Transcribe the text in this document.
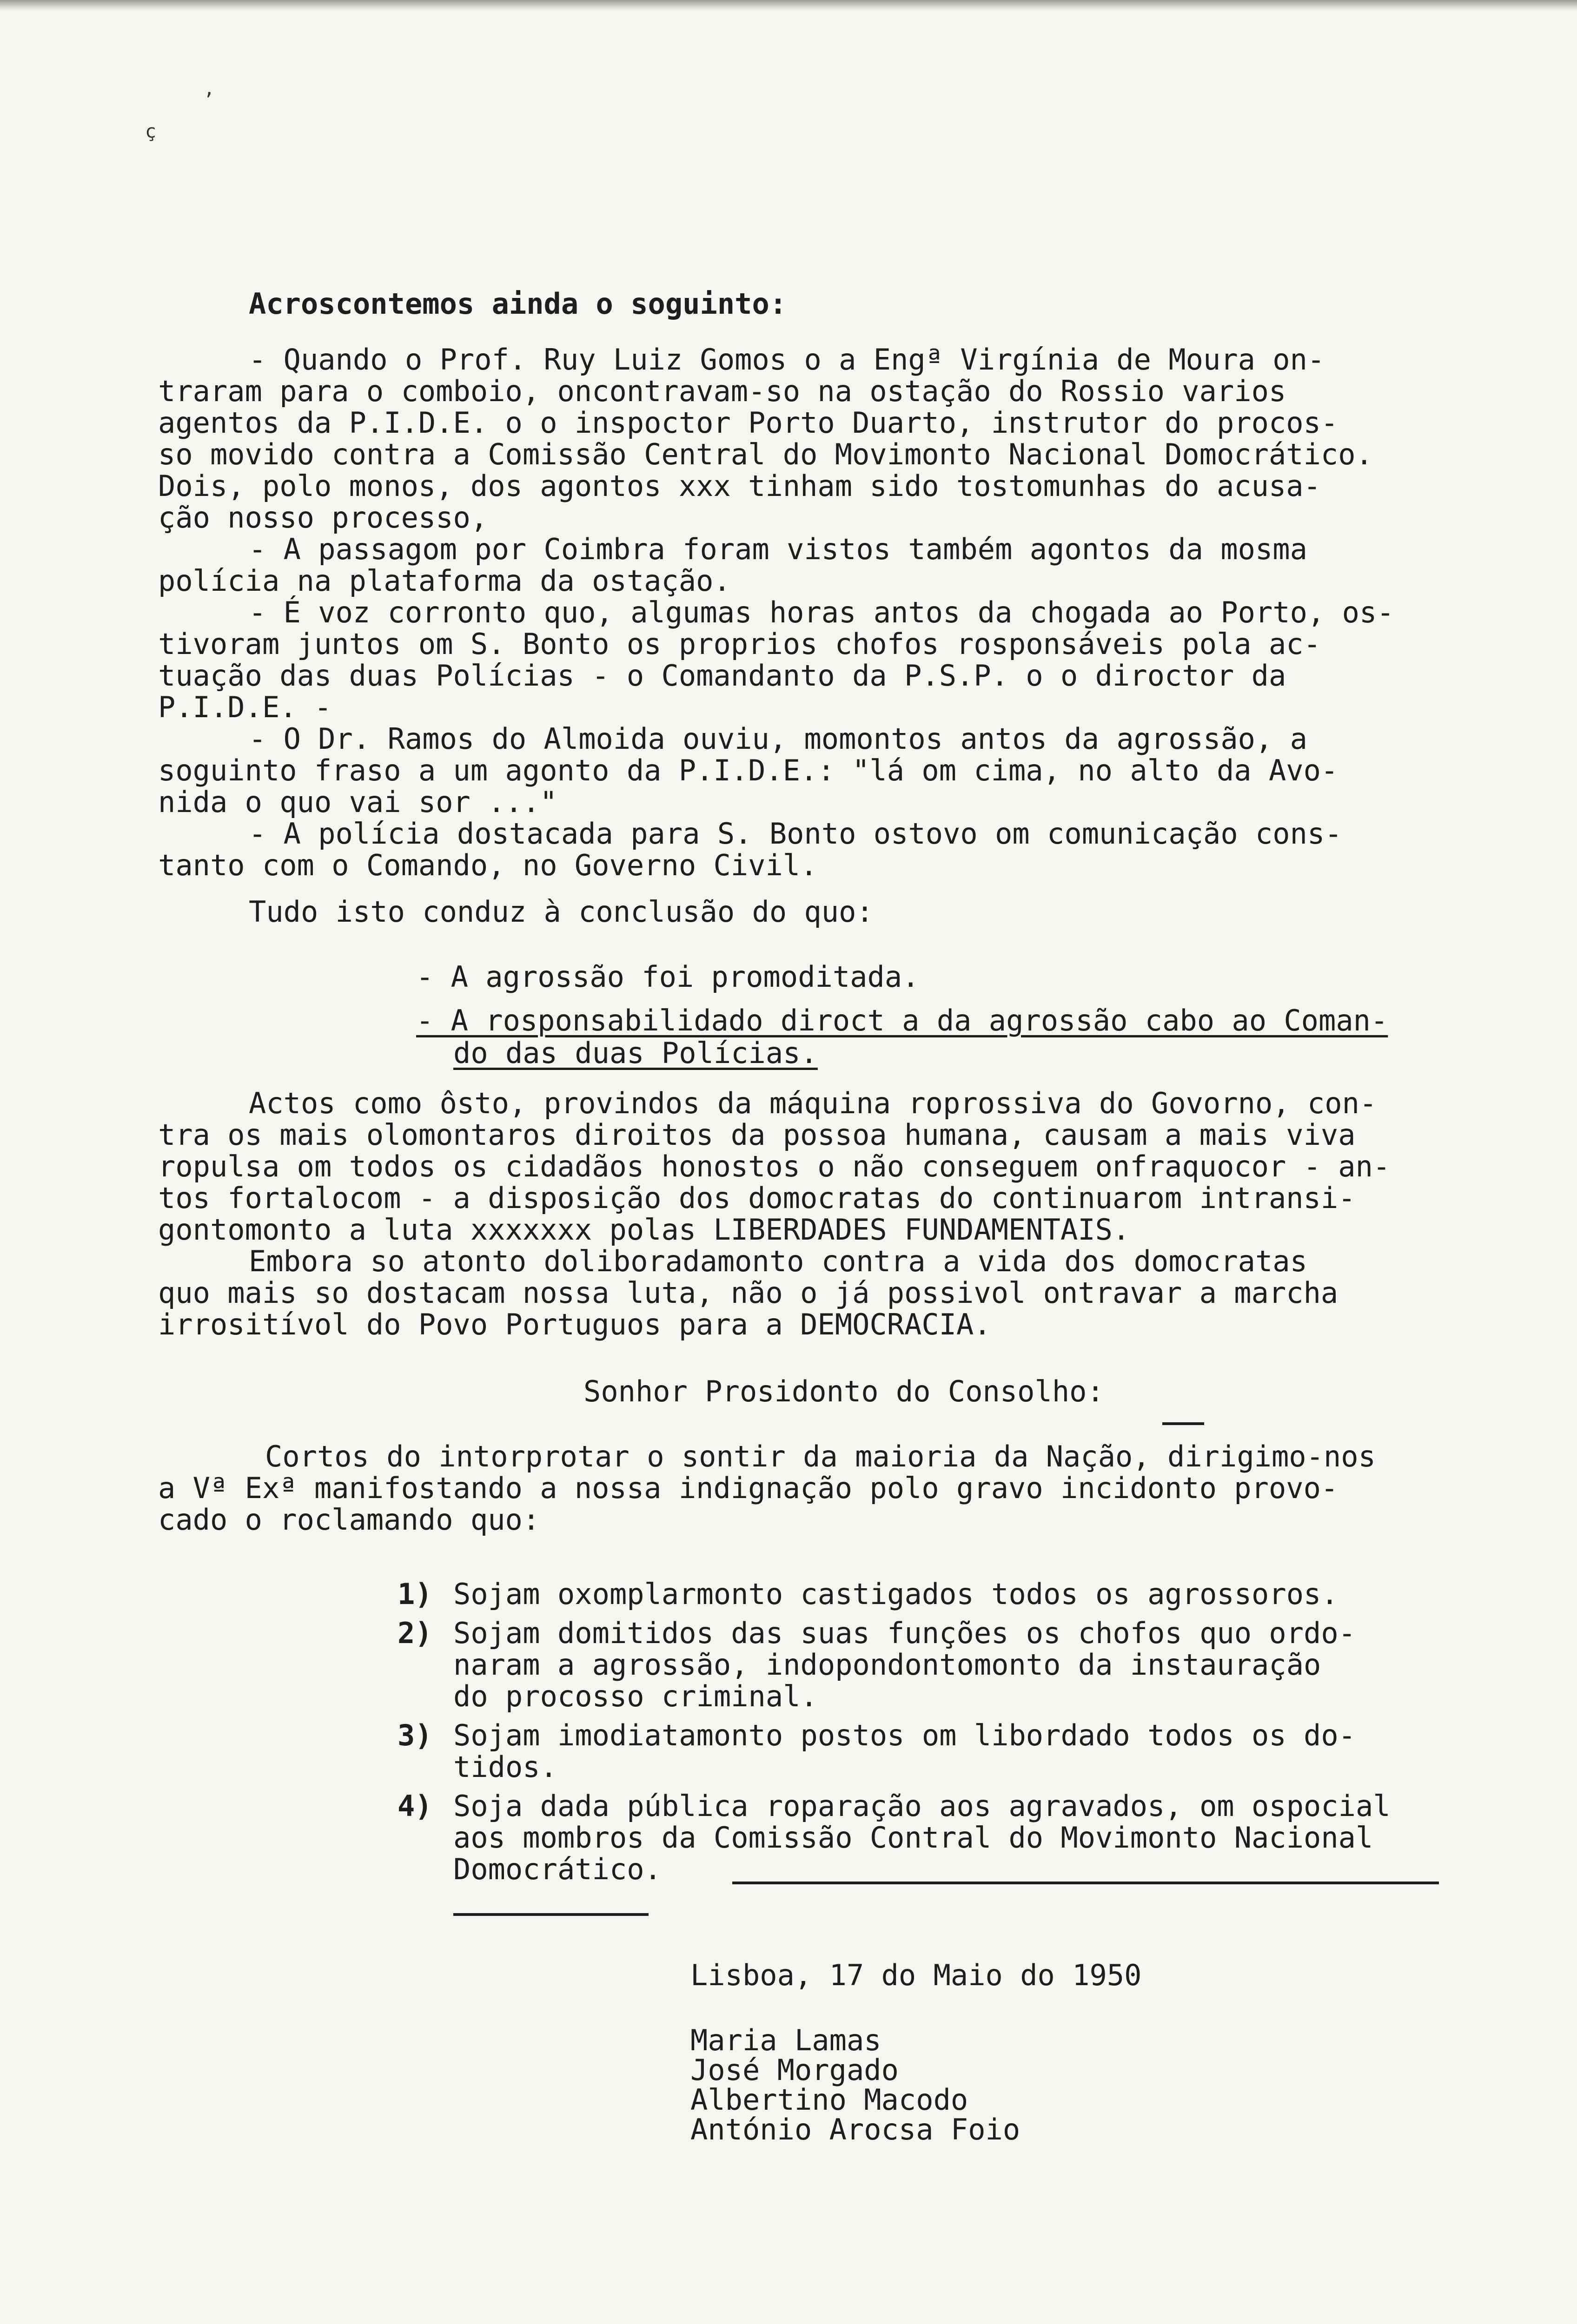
,
ç
Acroscontemos ainda o soguinto:
- Quando o Prof. Ruy Luiz Gomos o a Engª Virgínia de Moura on-
traram para o comboio, oncontravam-so na ostação do Rossio varios
agentos da P.I.D.E. o o inspoctor Porto Duarto, instrutor do procos-
so movido contra a Comissão Central do Movimonto Nacional Domocrático.
Dois, polo monos, dos agontos xxx tinham sido tostomunhas do acusa-
ção nosso processo,
- A passagom por Coimbra foram vistos também agontos da mosma
polícia na plataforma da ostação.
- É voz corronto quo, algumas horas antos da chogada ao Porto, os-
tivoram juntos om S. Bonto os proprios chofos rosponsáveis pola ac-
tuação das duas Polícias - o Comandanto da P.S.P. o o diroctor da
P.I.D.E. -
- O Dr. Ramos do Almoida ouviu, momontos antos da agrossão, a
soguinto fraso a um agonto da P.I.D.E.: "lá om cima, no alto da Avo-
nida o quo vai sor ..."
- A polícia dostacada para S. Bonto ostovo om comunicação cons-
tanto com o Comando, no Governo Civil.
Tudo isto conduz à conclusão do quo:
- A agrossão foi promoditada.
- A rosponsabilidado diroct a da agrossão cabo ao Coman-
do das duas Polícias.
Actos como ôsto, provindos da máquina roprossiva do Govorno, con-
tra os mais olomontaros diroitos da possoa humana, causam a mais viva
ropulsa om todos os cidadãos honostos o não conseguem onfraquocor - an-
tos fortalocom - a disposição dos domocratas do continuarom intransi-
gontomonto a luta xxxxxxx polas LIBERDADES FUNDAMENTAIS.
Embora so atonto doliboradamonto contra a vida dos domocratas
quo mais so dostacam nossa luta, não o já possivol ontravar a marcha
irrositívol do Povo Portuguos para a DEMOCRACIA.
Sonhor Prosidonto do Consolho:
Cortos do intorprotar o sontir da maioria da Nação, dirigimo-nos
a Vª Exª manifostando a nossa indignação polo gravo incidonto provo-
cado o roclamando quo:
1) Sojam oxomplarmonto castigados todos os agrossoros.
2) Sojam domitidos das suas funções os chofos quo ordo-
naram a agrossão, indopondontomonto da instauração
do procosso criminal.
3) Sojam imodiatamonto postos om libordado todos os do-
tidos.
4) Soja dada pública roparação aos agravados, om ospocial
aos mombros da Comissão Contral do Movimonto Nacional
Domocrático.
Lisboa, 17 do Maio do 1950
Maria Lamas
José Morgado
Albertino Macodo
António Arocsa Foio
